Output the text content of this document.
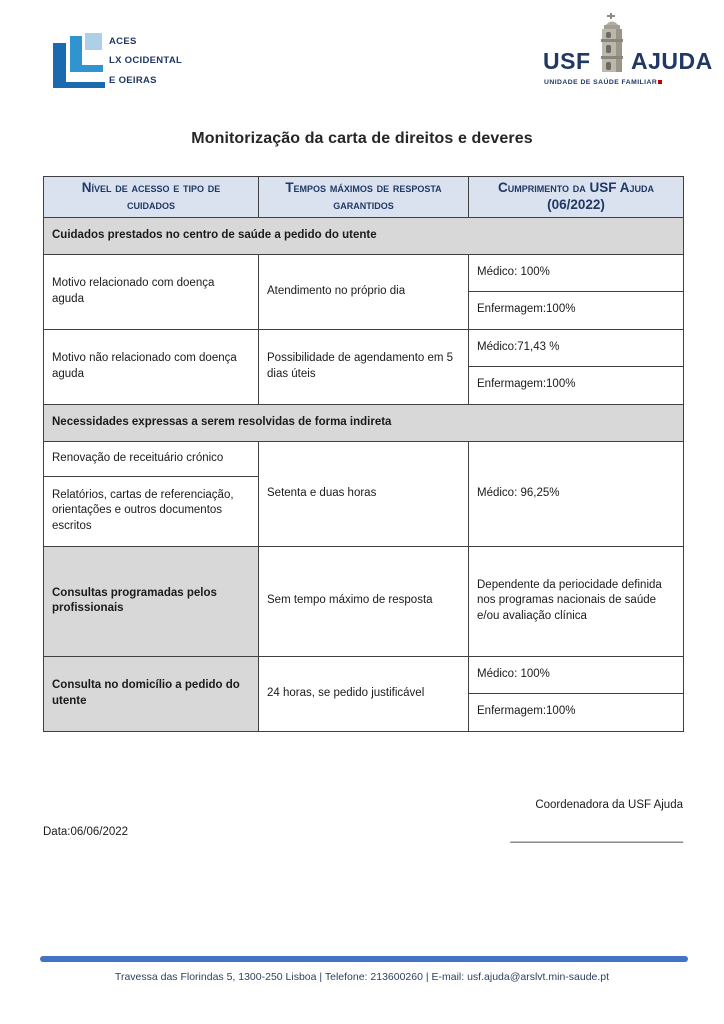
ACES
LX OCIDENTAL
E OEIRAS
USF AJUDA
UNIDADE DE SAÚDE FAMILIAR
Monitorização da carta de direitos e deveres
Nível de acesso e tipo de cuidados	Tempos máximos de resposta garantidos	Cumprimento da USF Ajuda
(06/2022)

Cuidados prestados no centro de saúde a pedido do utente		
Motivo relacionado com doença aguda	Atendimento no próprio dia	Médico: 100%
		Enfermagem:100%
Motivo não relacionado com doença aguda	Possibilidade de agendamento em 5 dias úteis	Médico:71,43 %
		Enfermagem:100%
Necessidades expressas a serem resolvidas de forma indireta		
Renovação de receituário crónico	Setenta e duas horas	Médico: 96,25%
Relatórios, cartas de referenciação, orientações e outros documentos escritos		
Consultas programadas pelos profissionais	Sem tempo máximo de resposta	Dependente da periocidade definida nos programas nacionais de saúde e/ou avaliação clínica
Consulta no domicílio a pedido do utente	24 horas, se pedido justificável	Médico: 100%
		Enfermagem:100%
Coordenadora da USF Ajuda
Data:06/06/2022	___________________________
Travessa das Florindas 5, 1300-250 Lisboa | Telefone: 213600260 | E-mail: usf.ajuda@arslvt.min-saude.pt
